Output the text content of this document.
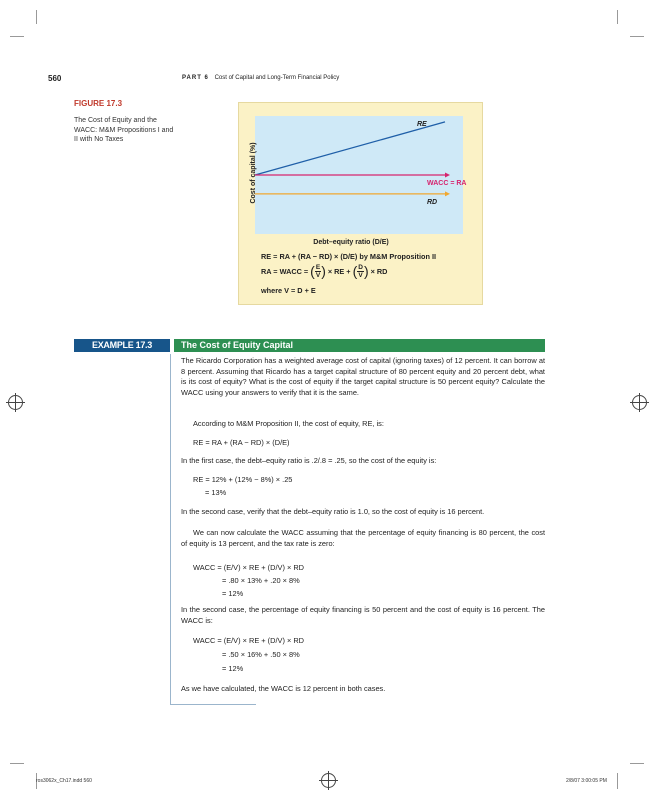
560	PART 6 Cost of Capital and Long-Term Financial Policy
FIGURE 17.3
The Cost of Equity and the WACC: M&M Propositions I and II with No Taxes
Cost of capital (%)
Debt–equity ratio (D/E)
RE
WACC = RA
RD
RE = RA + (RA − RD) × (D/E) by M&M Proposition II
RA = WACC = ( $\frac{E}{V}$ ) × RE + ( $\frac{D}{V}$ ) × RD
where V = D + E
EXAMPLE 17.3	The Cost of Equity Capital
The Ricardo Corporation has a weighted average cost of capital (ignoring taxes) of 12 percent. It can borrow at 8 percent. Assuming that Ricardo has a target capital structure of 80 percent equity and 20 percent debt, what is its cost of equity? What is the cost of equity if the target capital structure is 50 percent equity? Calculate the WACC using your answers to verify that it is the same.
According to M&M Proposition II, the cost of equity, RE, is:
RE = RA + (RA − RD) × (D/E)
In the first case, the debt–equity ratio is .2/.8 = .25, so the cost of the equity is:
RE = 12% + (12% − 8%) × .25
= 13%
In the second case, verify that the debt–equity ratio is 1.0, so the cost of equity is 16 percent.
We can now calculate the WACC assuming that the percentage of equity financing is 80 percent, the cost of equity is 13 percent, and the tax rate is zero:
WACC = (E/V) × RE + (D/V) × RD
= .80 × 13% + .20 × 8%
= 12%
In the second case, the percentage of equity financing is 50 percent and the cost of equity is 16 percent. The WACC is:
WACC = (E/V) × RE + (D/V) × RD
= .50 × 16% + .50 × 8%
= 12%
As we have calculated, the WACC is 12 percent in both cases.
ros3062x_Ch17.indd 560	2/8/07 3:00:05 PM
